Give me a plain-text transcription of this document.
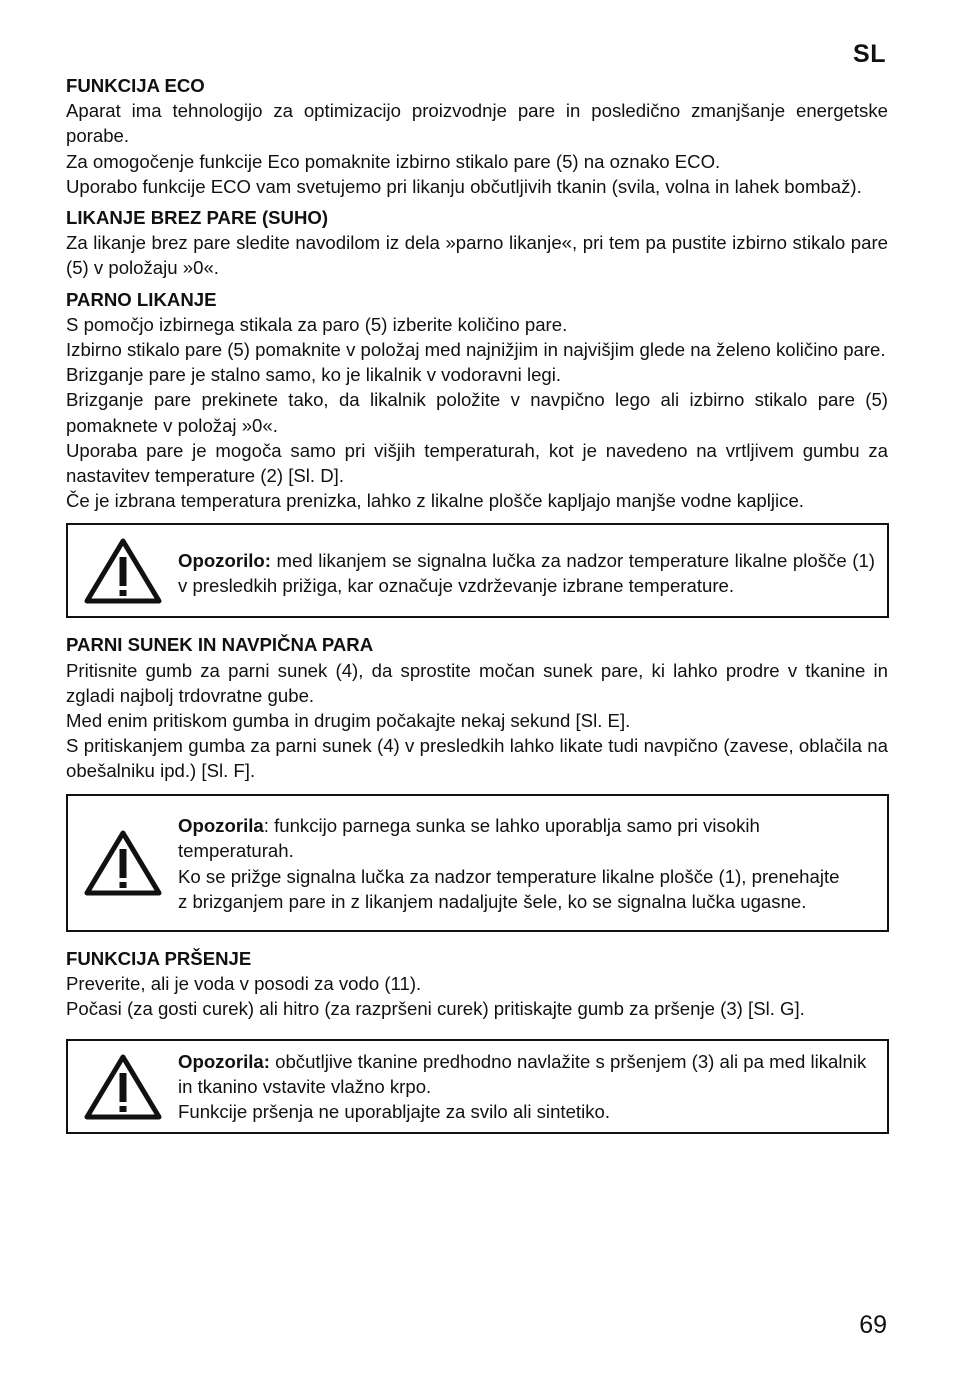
SL
FUNKCIJA ECO

Aparat ima tehnologijo za optimizacijo proizvodnje pare in posledično zmanjšanje energetske porabe.

Za omogočenje funkcije Eco pomaknite izbirno stikalo pare (5) na oznako ECO.

Uporabo funkcije ECO vam svetujemo pri likanju občutljivih tkanin (svila, volna in lahek bombaž).

LIKANJE BREZ PARE (SUHO)

Za likanje brez pare sledite navodilom iz dela »parno likanje«, pri tem pa pustite izbirno stikalo pare (5) v položaju »0«.

PARNO LIKANJE

S pomočjo izbirnega stikala za paro (5) izberite količino pare.

Izbirno stikalo pare (5) pomaknite v položaj med najnižjim in najvišjim glede na želeno količino pare.

Brizganje pare je stalno samo, ko je likalnik v vodoravni legi.

Brizganje pare prekinete tako, da likalnik položite v navpično lego ali izbirno stikalo pare (5) pomaknete v položaj »0«.

Uporaba pare je mogoča samo pri višjih temperaturah, kot je navedeno na vrtljivem gumbu za nastavitev temperature (2) [Sl. D].

Če je izbrana temperatura prenizka, lahko z likalne plošče kapljajo manjše vodne kapljice.

Opozorilo: med likanjem se signalna lučka za nadzor temperature likalne plošče (1) v presledkih prižiga, kar označuje vzdrževanje izbrane temperature.

PARNI SUNEK IN NAVPIČNA PARA

Pritisnite gumb za parni sunek (4), da sprostite močan sunek pare, ki lahko prodre v tkanine in zgladi najbolj trdovratne gube.

Med enim pritiskom gumba in drugim počakajte nekaj sekund [Sl. E].

S pritiskanjem gumba za parni sunek (4) v presledkih lahko likate tudi navpično (zavese, oblačila na obešalniku ipd.) [Sl. F].

Opozorila: funkcijo parnega sunka se lahko uporablja samo pri visokih temperaturah.

Ko se prižge signalna lučka za nadzor temperature likalne plošče (1), prenehajte z brizganjem pare in z likanjem nadaljujte šele, ko se signalna lučka ugasne.

FUNKCIJA PRŠENJE

Preverite, ali je voda v posodi za vodo (11).

Počasi (za gosti curek) ali hitro (za razpršeni curek) pritiskajte gumb za pršenje (3) [Sl. G].

Opozorila: občutljive tkanine predhodno navlažite s pršenjem (3) ali pa med likalnik in tkanino vstavite vlažno krpo.

Funkcije pršenja ne uporabljajte za svilo ali sintetiko.

69
